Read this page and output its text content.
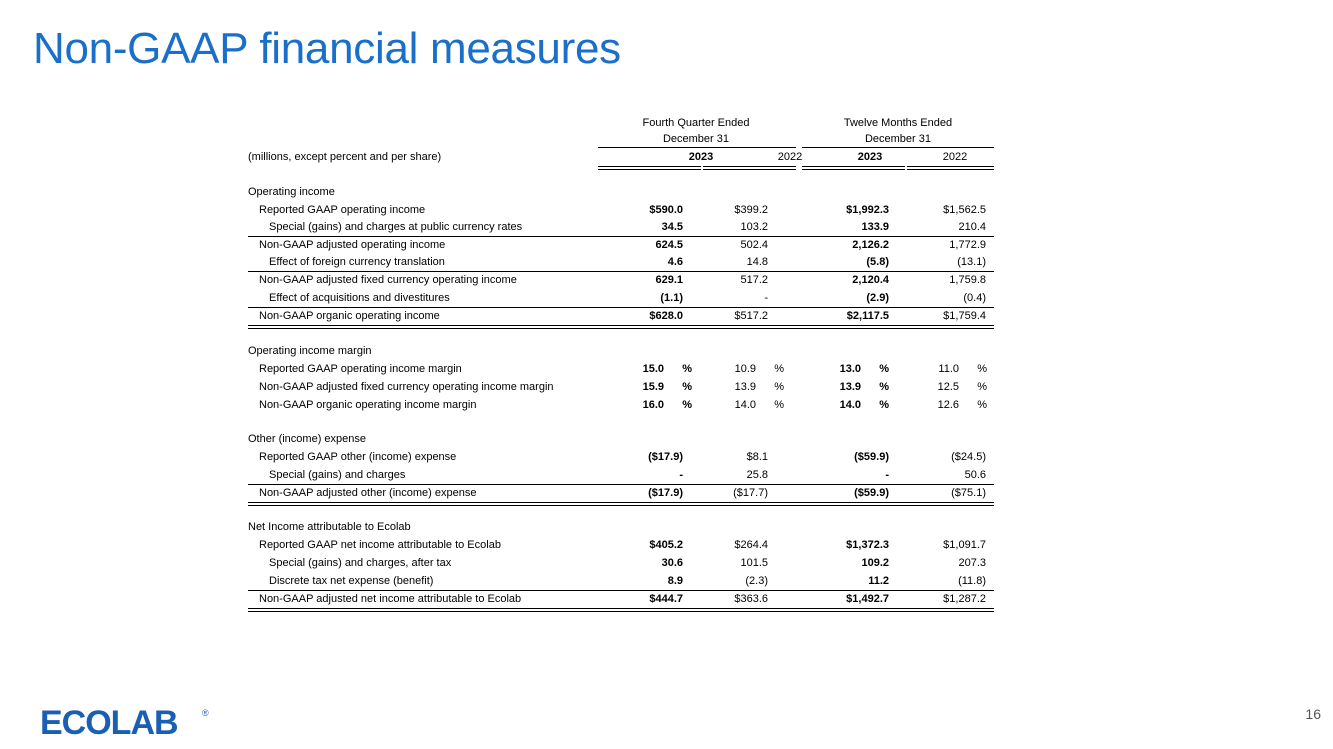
Non-GAAP financial measures
Fourth Quarter Ended
December 31
Twelve Months Ended
December 31
(millions, except percent and per share)	2023	2022	2023	2022
Operating income
Reported GAAP operating income	$590.0	$399.2	$1,992.3	$1,562.5
Special (gains) and charges at public currency rates	34.5	103.2	133.9	210.4
Non-GAAP adjusted operating income	624.5	502.4	2,126.2	1,772.9
Effect of foreign currency translation	4.6	14.8	(5.8)	(13.1)
Non-GAAP adjusted fixed currency operating income	629.1	517.2	2,120.4	1,759.8
Effect of acquisitions and divestitures	(1.1)	-	(2.9)	(0.4)
Non-GAAP organic operating income	$628.0	$517.2	$2,117.5	$1,759.4
Operating income margin
Reported GAAP operating income margin	15.0 %	10.9 %	13.0 %	11.0 %
Non-GAAP adjusted fixed currency operating income margin	15.9 %	13.9 %	13.9 %	12.5 %
Non-GAAP organic operating income margin	16.0 %	14.0 %	14.0 %	12.6 %
Other (income) expense
Reported GAAP other (income) expense	($17.9)	$8.1	($59.9)	($24.5)
Special (gains) and charges	-	25.8	-	50.6
Non-GAAP adjusted other (income) expense	($17.9)	($17.7)	($59.9)	($75.1)
Net Income attributable to Ecolab
Reported GAAP net income attributable to Ecolab	$405.2	$264.4	$1,372.3	$1,091.7
Special (gains) and charges, after tax	30.6	101.5	109.2	207.3
Discrete tax net expense (benefit)	8.9	(2.3)	11.2	(11.8)
Non-GAAP adjusted net income attributable to Ecolab	$444.7	$363.6	$1,492.7	$1,287.2
ECOLAB	®	16
